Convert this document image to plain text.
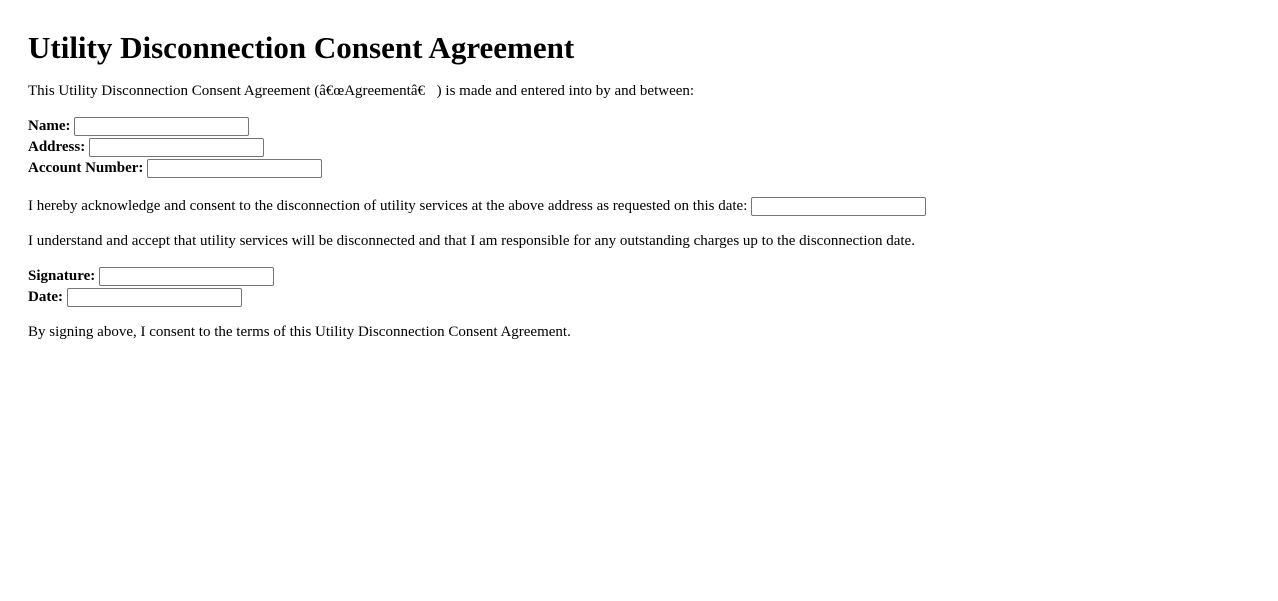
Utility Disconnection Consent Agreement

This Utility Disconnection Consent Agreement (â€œAgreementâ€ ) is made and entered into by and between:

Name:
Address:
Account Number:
I hereby acknowledge and consent to the disconnection of utility services at the above address as requested on this date:

I understand and accept that utility services will be disconnected and that I am responsible for any outstanding charges up to the disconnection date.

Signature:
Date:

By signing above, I consent to the terms of this Utility Disconnection Consent Agreement.
